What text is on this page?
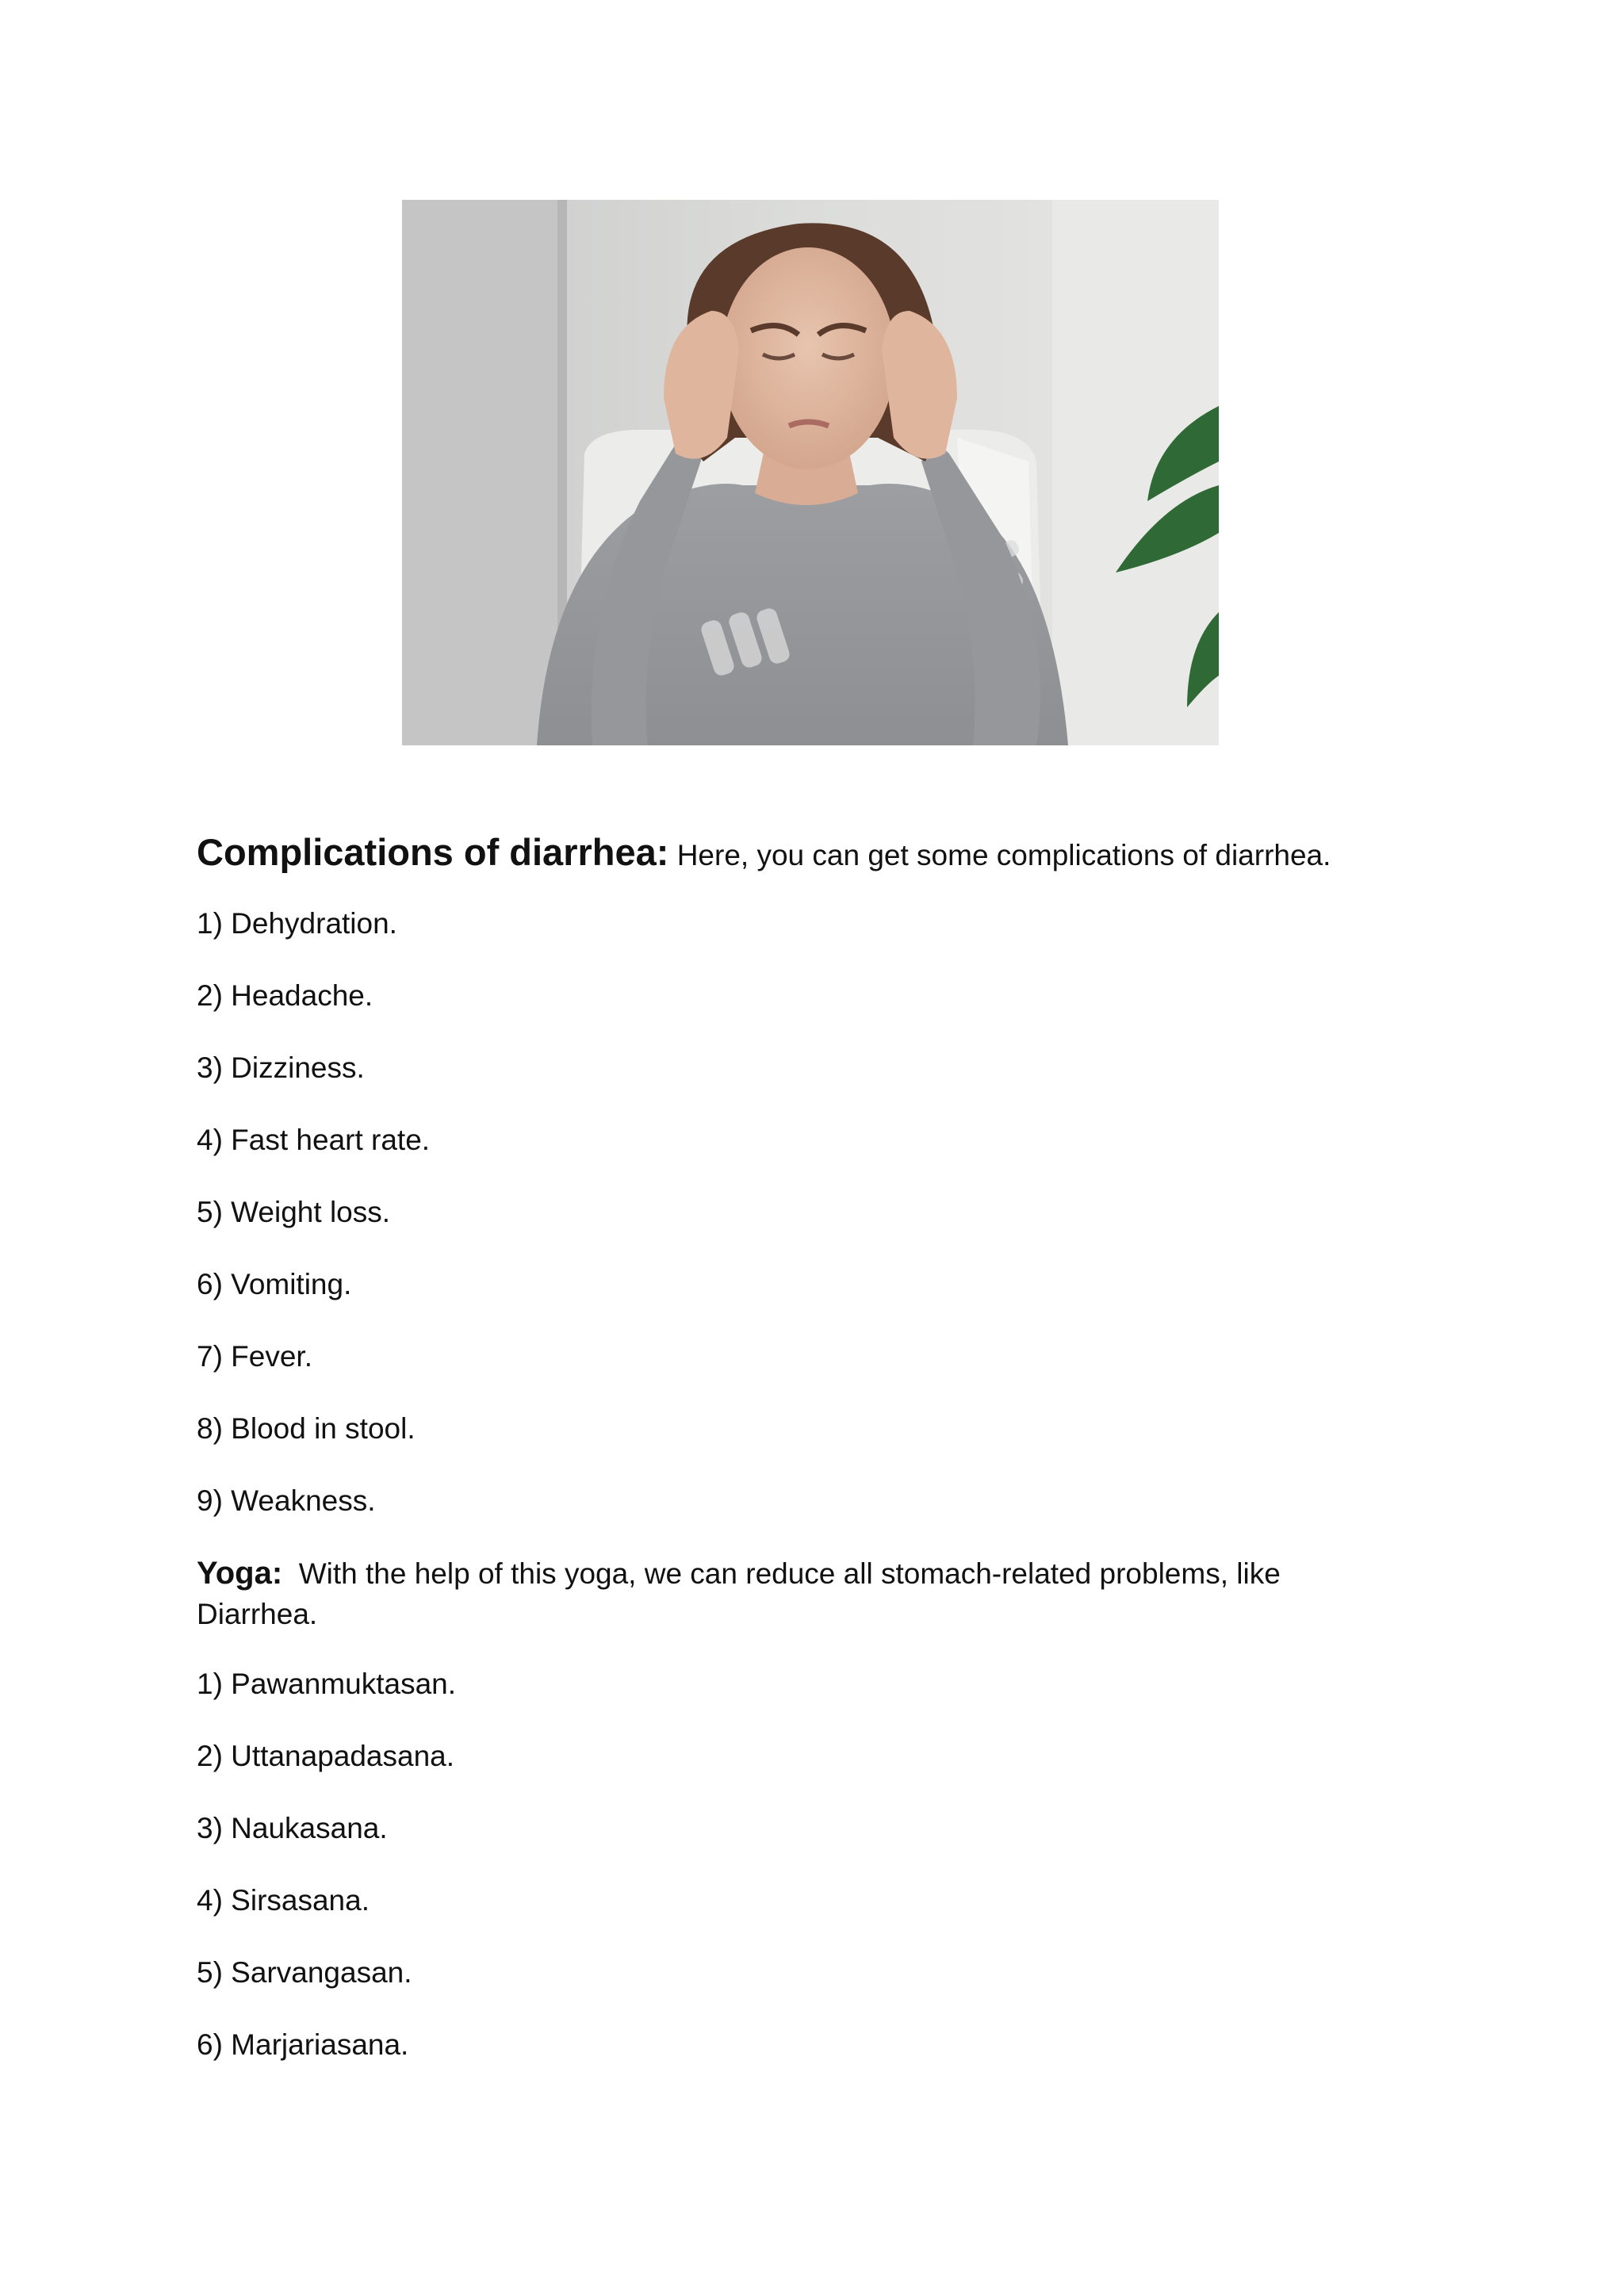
Complications of diarrhea: Here, you can get some complications of diarrhea.

1) Dehydration.
2) Headache.
3) Dizziness.
4) Fast heart rate.
5) Weight loss.
6) Vomiting.
7) Fever.
8) Blood in stool.
9) Weakness.

Yoga: With the help of this yoga, we can reduce all stomach-related problems, like Diarrhea.

1) Pawanmuktasan.
2) Uttanapadasana.
3) Naukasana.
4) Sirsasana.
5) Sarvangasan.
6) Marjariasana.
